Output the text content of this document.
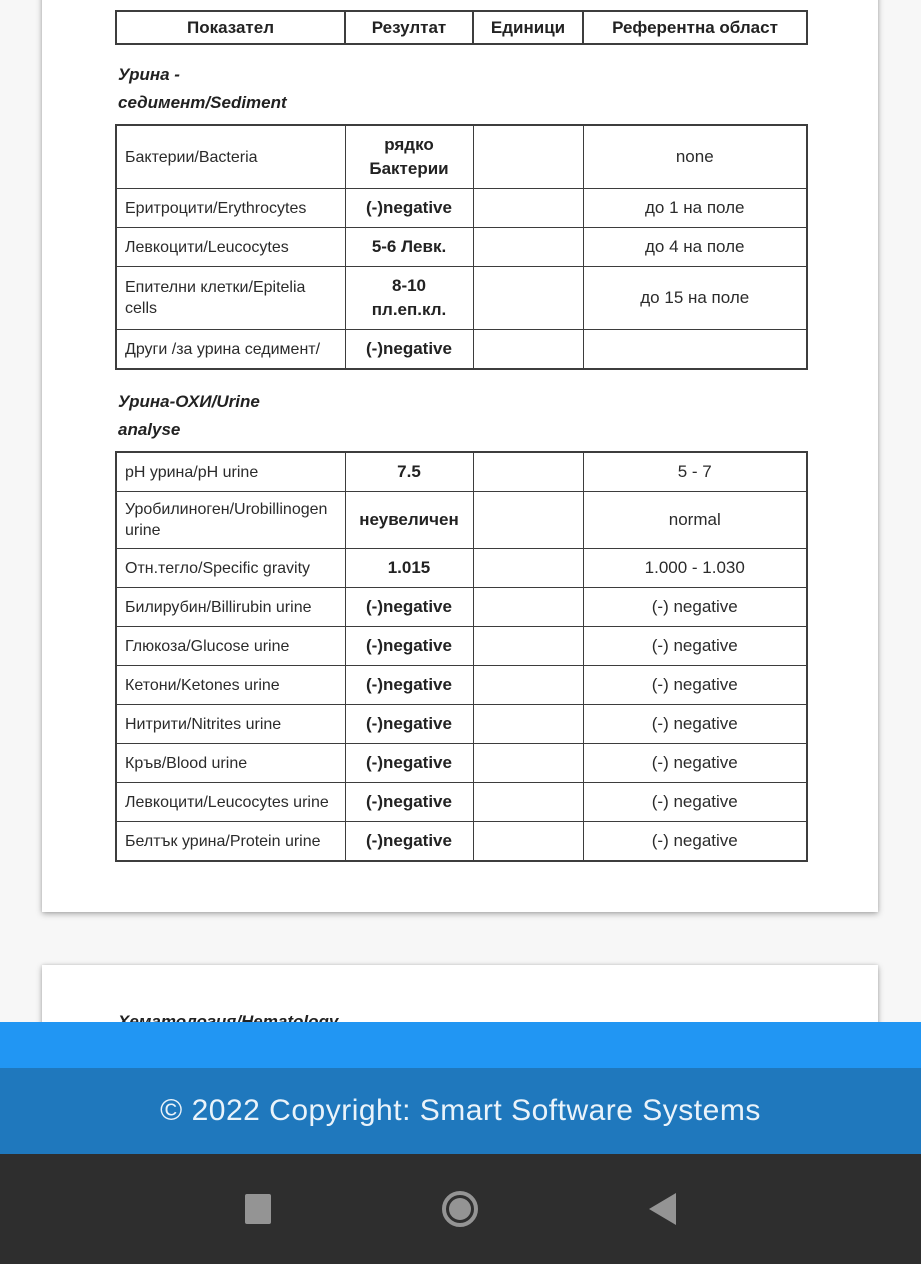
Показател	Резултат	Единици	Референтна област
Урина -
седимент/Sediment
Бактерии/Bacteria	рядко Бактерии		none
Еритроцити/Erythrocytes	(-)negative		до 1 на поле
Левкоцити/Leucocytes	5-6 Левк.		до 4 на поле
Епителни клетки/Epitelia cells	8-10 пл.еп.кл.		до 15 на поле
Други /за урина седимент/	(-)negative		
Урина-ОХИ/Urine
analyse
pH урина/pH urine	7.5		5 - 7
Уробилиноген/Urobillinogen urine	неувеличен		normal
Отн.тегло/Specific gravity	1.015		1.000 - 1.030
Билирубин/Billirubin urine	(-)negative		(-) negative
Глюкоза/Glucose urine	(-)negative		(-) negative
Кетони/Ketones urine	(-)negative		(-) negative
Нитрити/Nitrites urine	(-)negative		(-) negative
Кръв/Blood urine	(-)negative		(-) negative
Левкоцити/Leucocytes urine	(-)negative		(-) negative
Белтък урина/Protein urine	(-)negative		(-) negative
© 2022 Copyright: Smart Software Systems
